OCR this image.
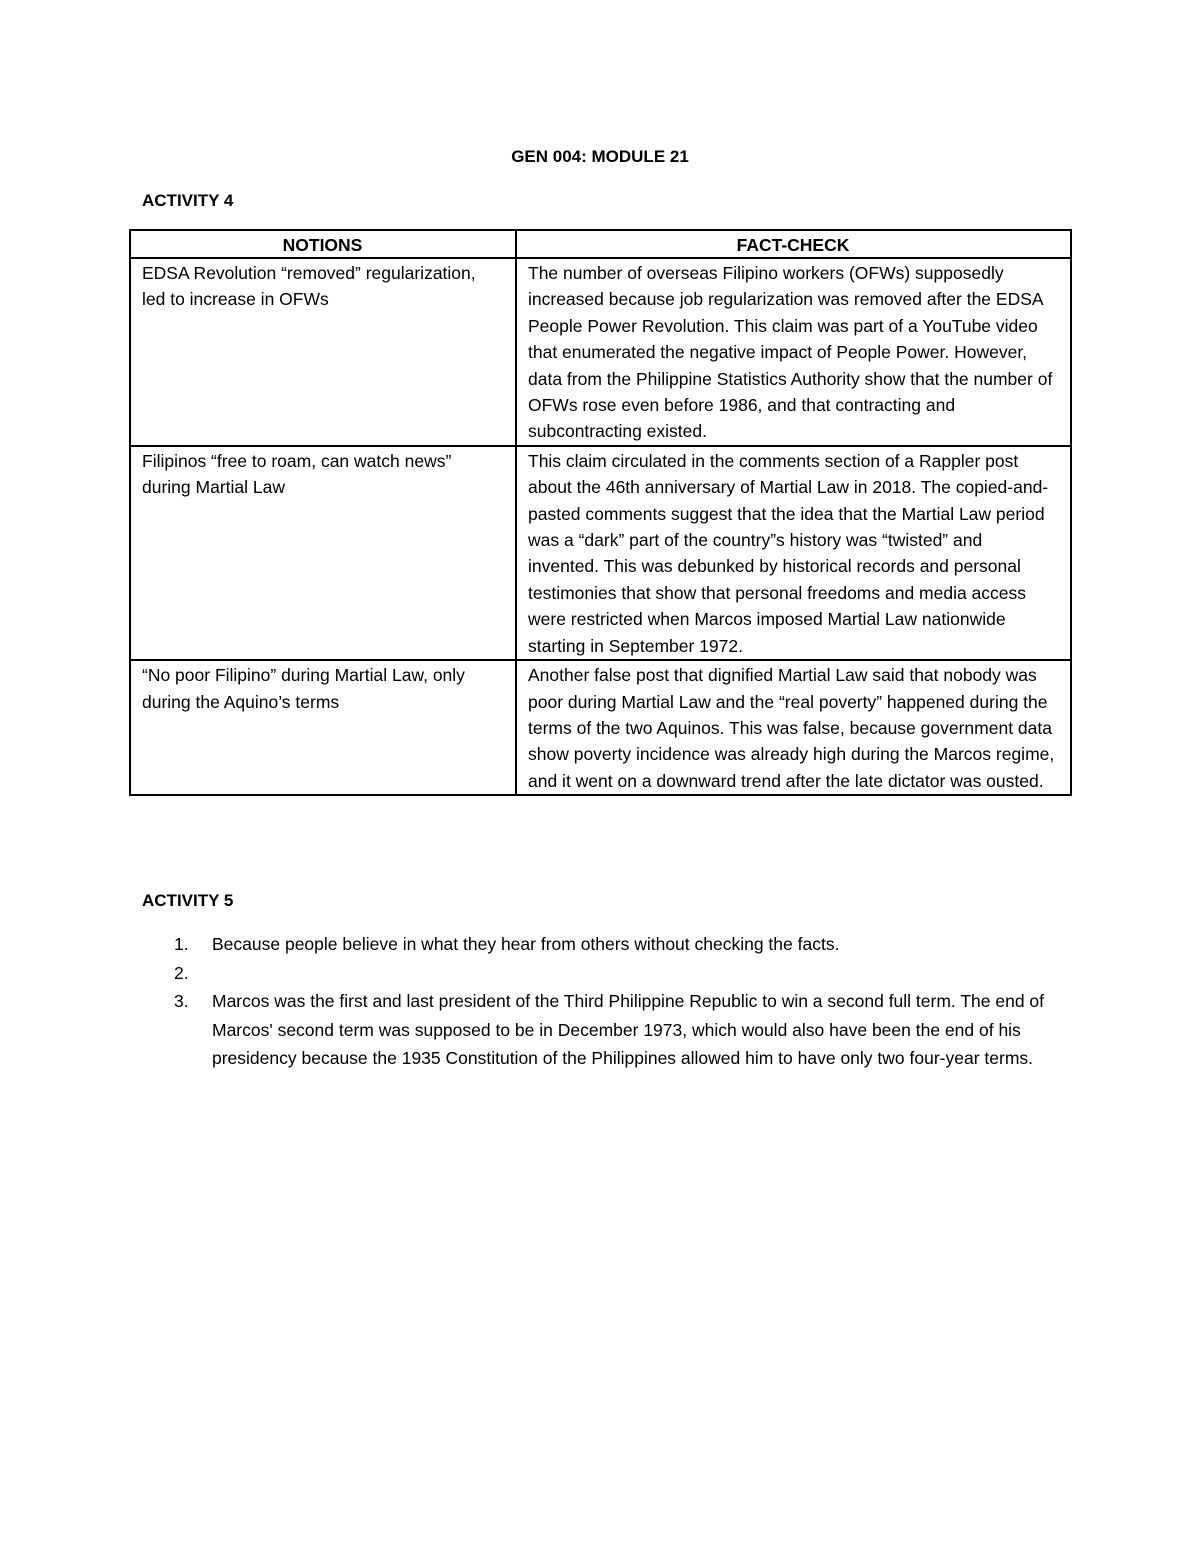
GEN 004: MODULE 21
ACTIVITY 4
NOTIONS	FACT-CHECK
EDSA Revolution “removed” regularization, led to increase in OFWs	The number of overseas Filipino workers (OFWs) supposedly increased because job regularization was removed after the EDSA People Power Revolution. This claim was part of a YouTube video that enumerated the negative impact of People Power. However, data from the Philippine Statistics Authority show that the number of OFWs rose even before 1986, and that contracting and subcontracting existed.
Filipinos “free to roam, can watch news” during Martial Law	This claim circulated in the comments section of a Rappler post about the 46th anniversary of Martial Law in 2018. The copied-and-pasted comments suggest that the idea that the Martial Law period was a “dark” part of the country”s history was “twisted” and invented. This was debunked by historical records and personal testimonies that show that personal freedoms and media access were restricted when Marcos imposed Martial Law nationwide starting in September 1972.
“No poor Filipino” during Martial Law, only during the Aquino’s terms	Another false post that dignified Martial Law said that nobody was poor during Martial Law and the “real poverty” happened during the terms of the two Aquinos. This was false, because government data show poverty incidence was already high during the Marcos regime, and it went on a downward trend after the late dictator was ousted.
ACTIVITY 5
1. Because people believe in what they hear from others without checking the facts.
2.
3. Marcos was the first and last president of the Third Philippine Republic to win a second full term. The end of Marcos' second term was supposed to be in December 1973, which would also have been the end of his presidency because the 1935 Constitution of the Philippines allowed him to have only two four-year terms.
